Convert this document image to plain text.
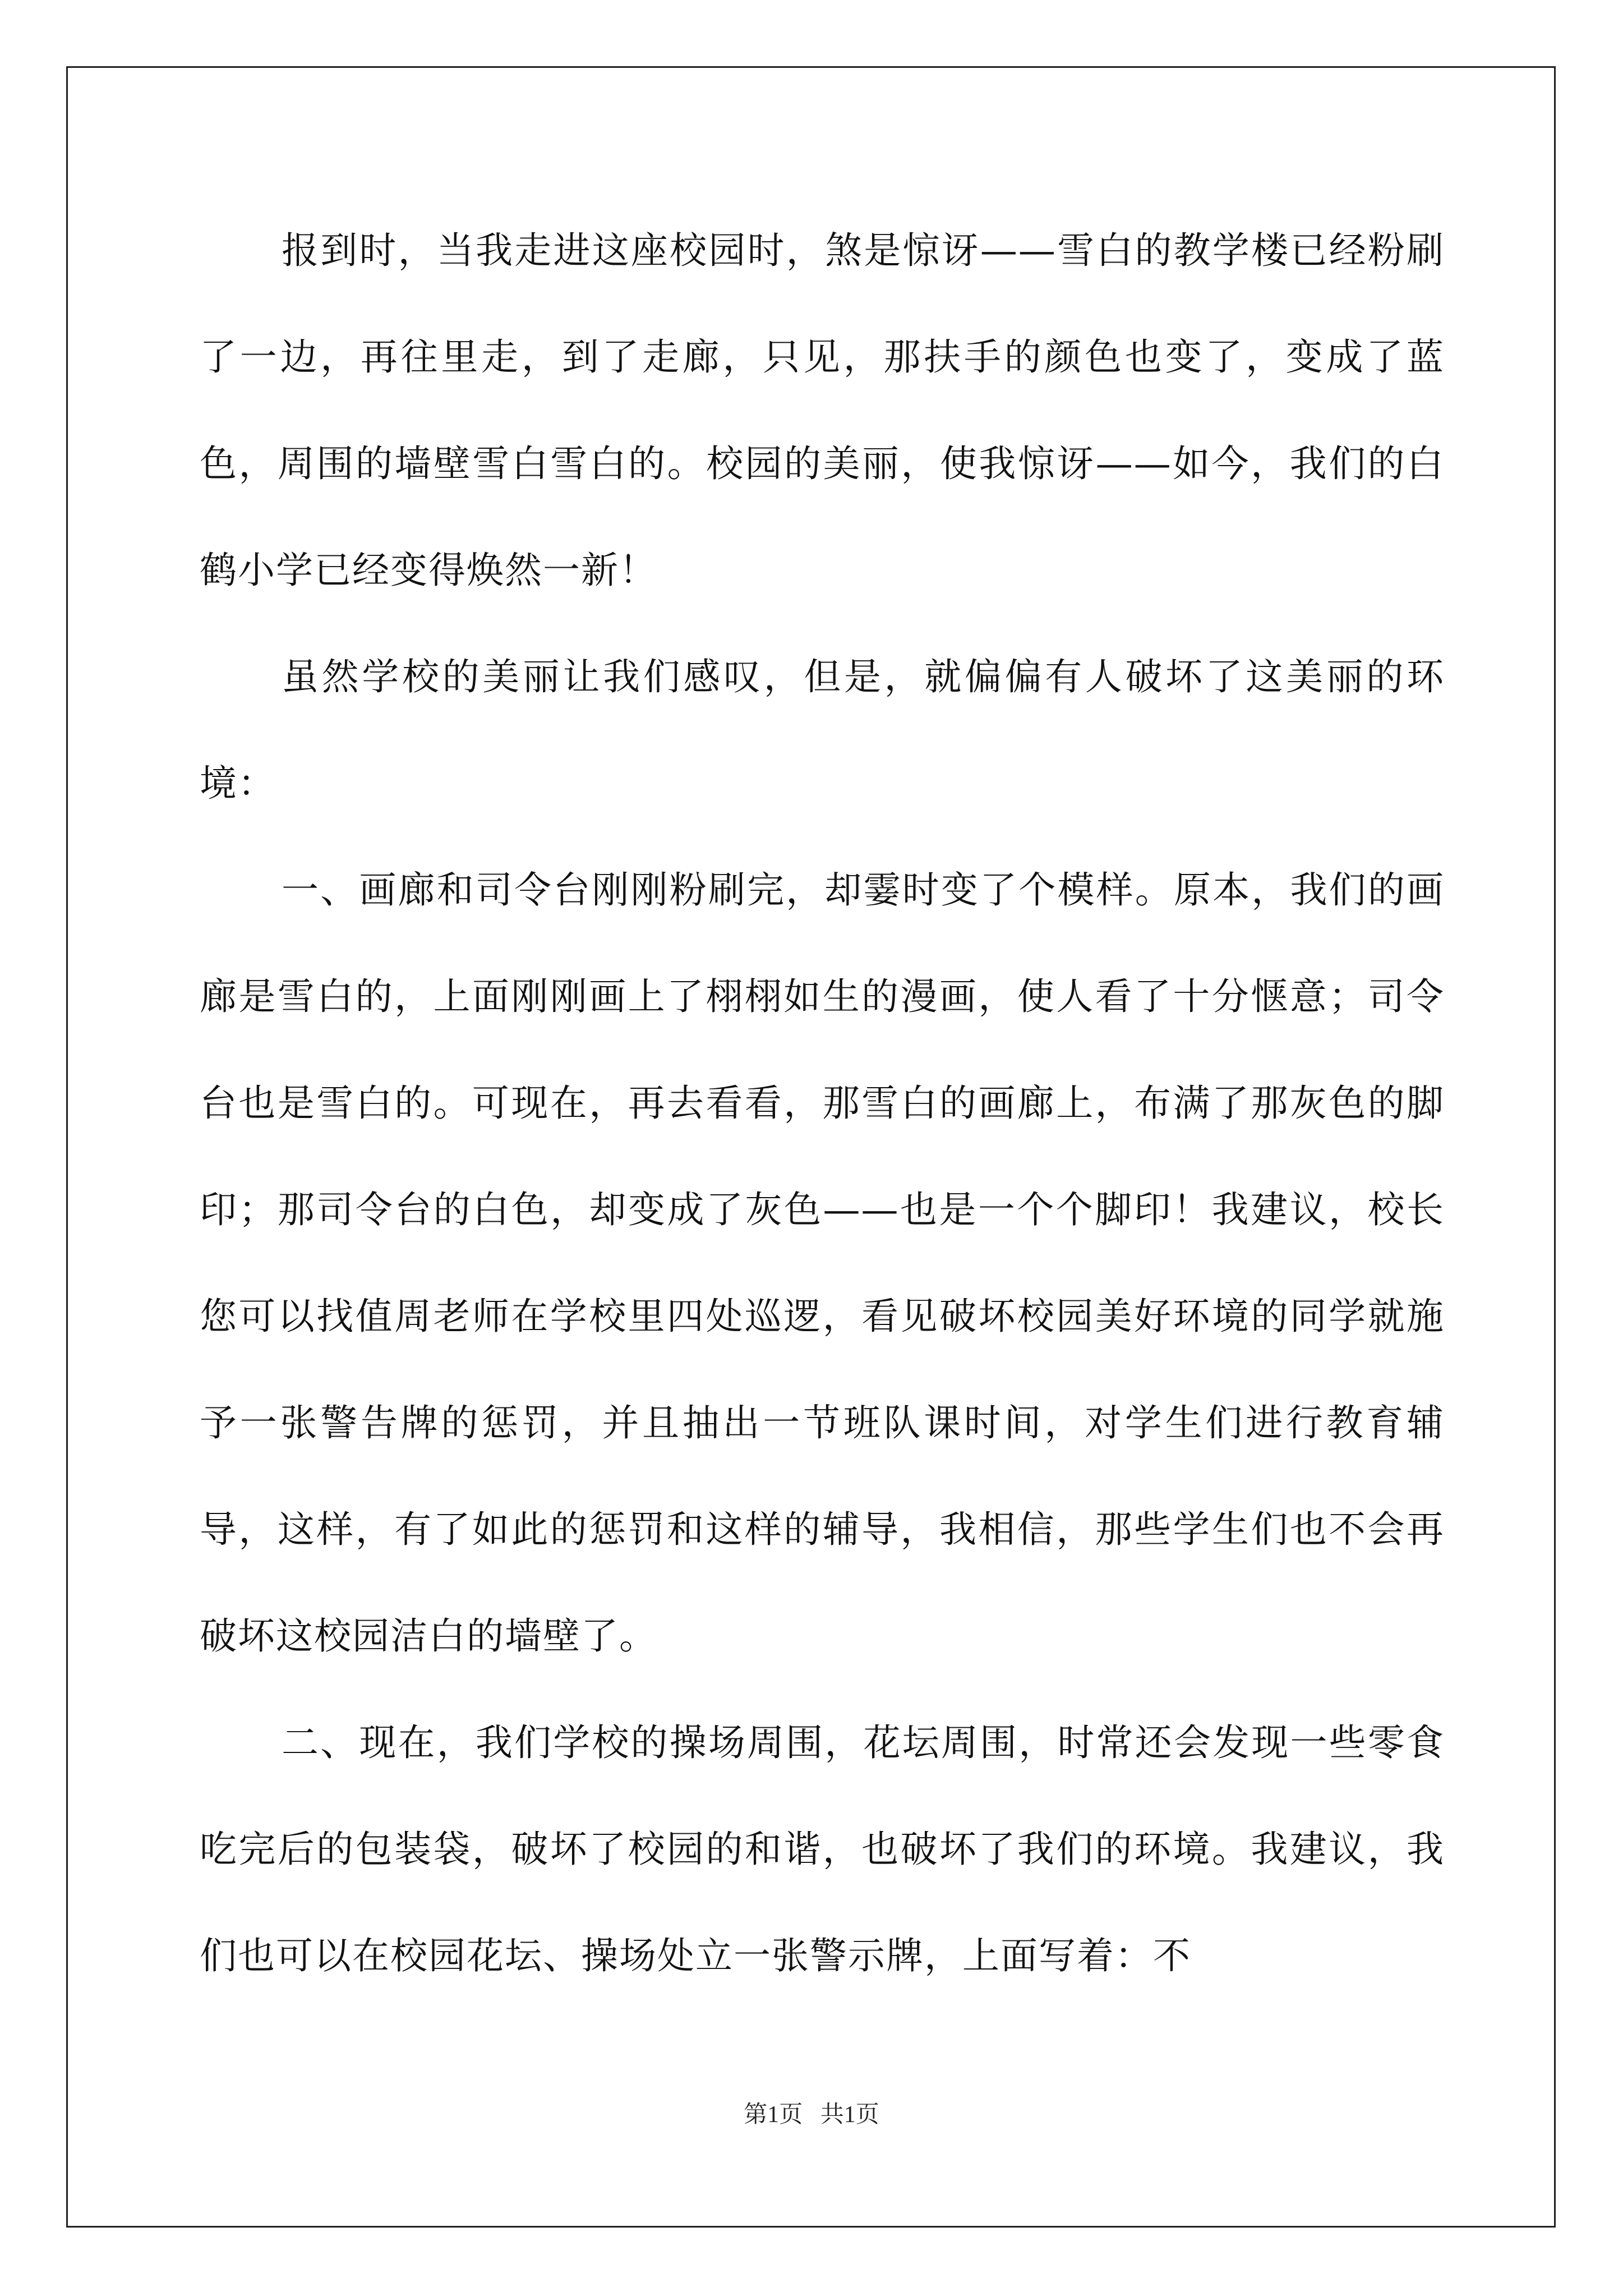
报到时，当我走进这座校园时，煞是惊讶——雪白的教学楼已经粉刷了一边，再往里走，到了走廊，只见，那扶手的颜色也变了，变成了蓝色，周围的墙壁雪白雪白的。校园的美丽，使我惊讶——如今，我们的白鹤小学已经变得焕然一新！

虽然学校的美丽让我们感叹，但是，就偏偏有人破坏了这美丽的环境：

一、画廊和司令台刚刚粉刷完，却霎时变了个模样。原本，我们的画廊是雪白的，上面刚刚画上了栩栩如生的漫画，使人看了十分惬意；司令台也是雪白的。可现在，再去看看，那雪白的画廊上，布满了那灰色的脚印；那司令台的白色，却变成了灰色——也是一个个脚印！我建议，校长您可以找值周老师在学校里四处巡逻，看见破坏校园美好环境的同学就施予一张警告牌的惩罚，并且抽出一节班队课时间，对学生们进行教育辅导，这样，有了如此的惩罚和这样的辅导，我相信，那些学生们也不会再破坏这校园洁白的墙壁了。

二、现在，我们学校的操场周围，花坛周围，时常还会发现一些零食吃完后的包装袋，破坏了校园的和谐，也破坏了我们的环境。我建议，我们也可以在校园花坛、操场处立一张警示牌，上面写着：不

第1页   共1页
